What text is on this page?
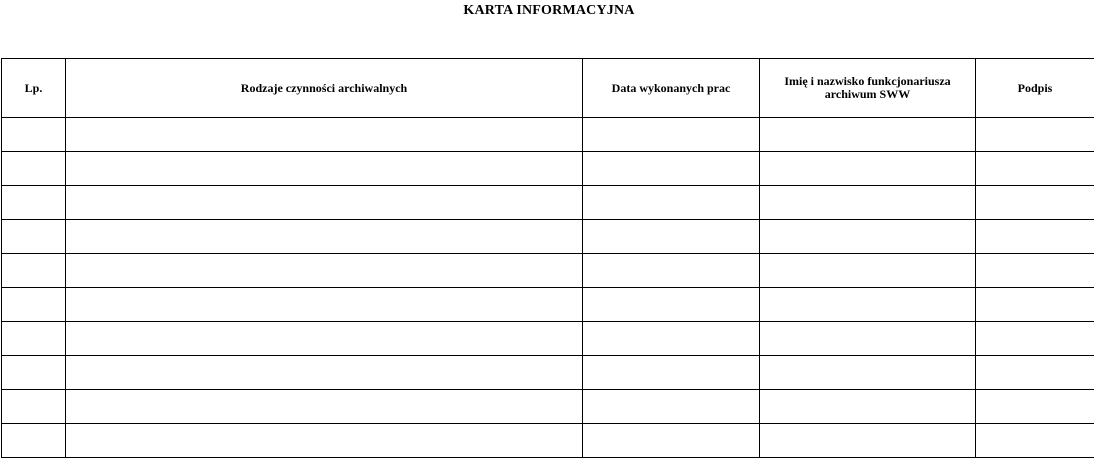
KARTA INFORMACYJNA
Lp.	Rodzaje czynności archiwalnych	Data wykonanych prac	Imię i nazwisko funkcjonariusza archiwum SWW	Podpis
